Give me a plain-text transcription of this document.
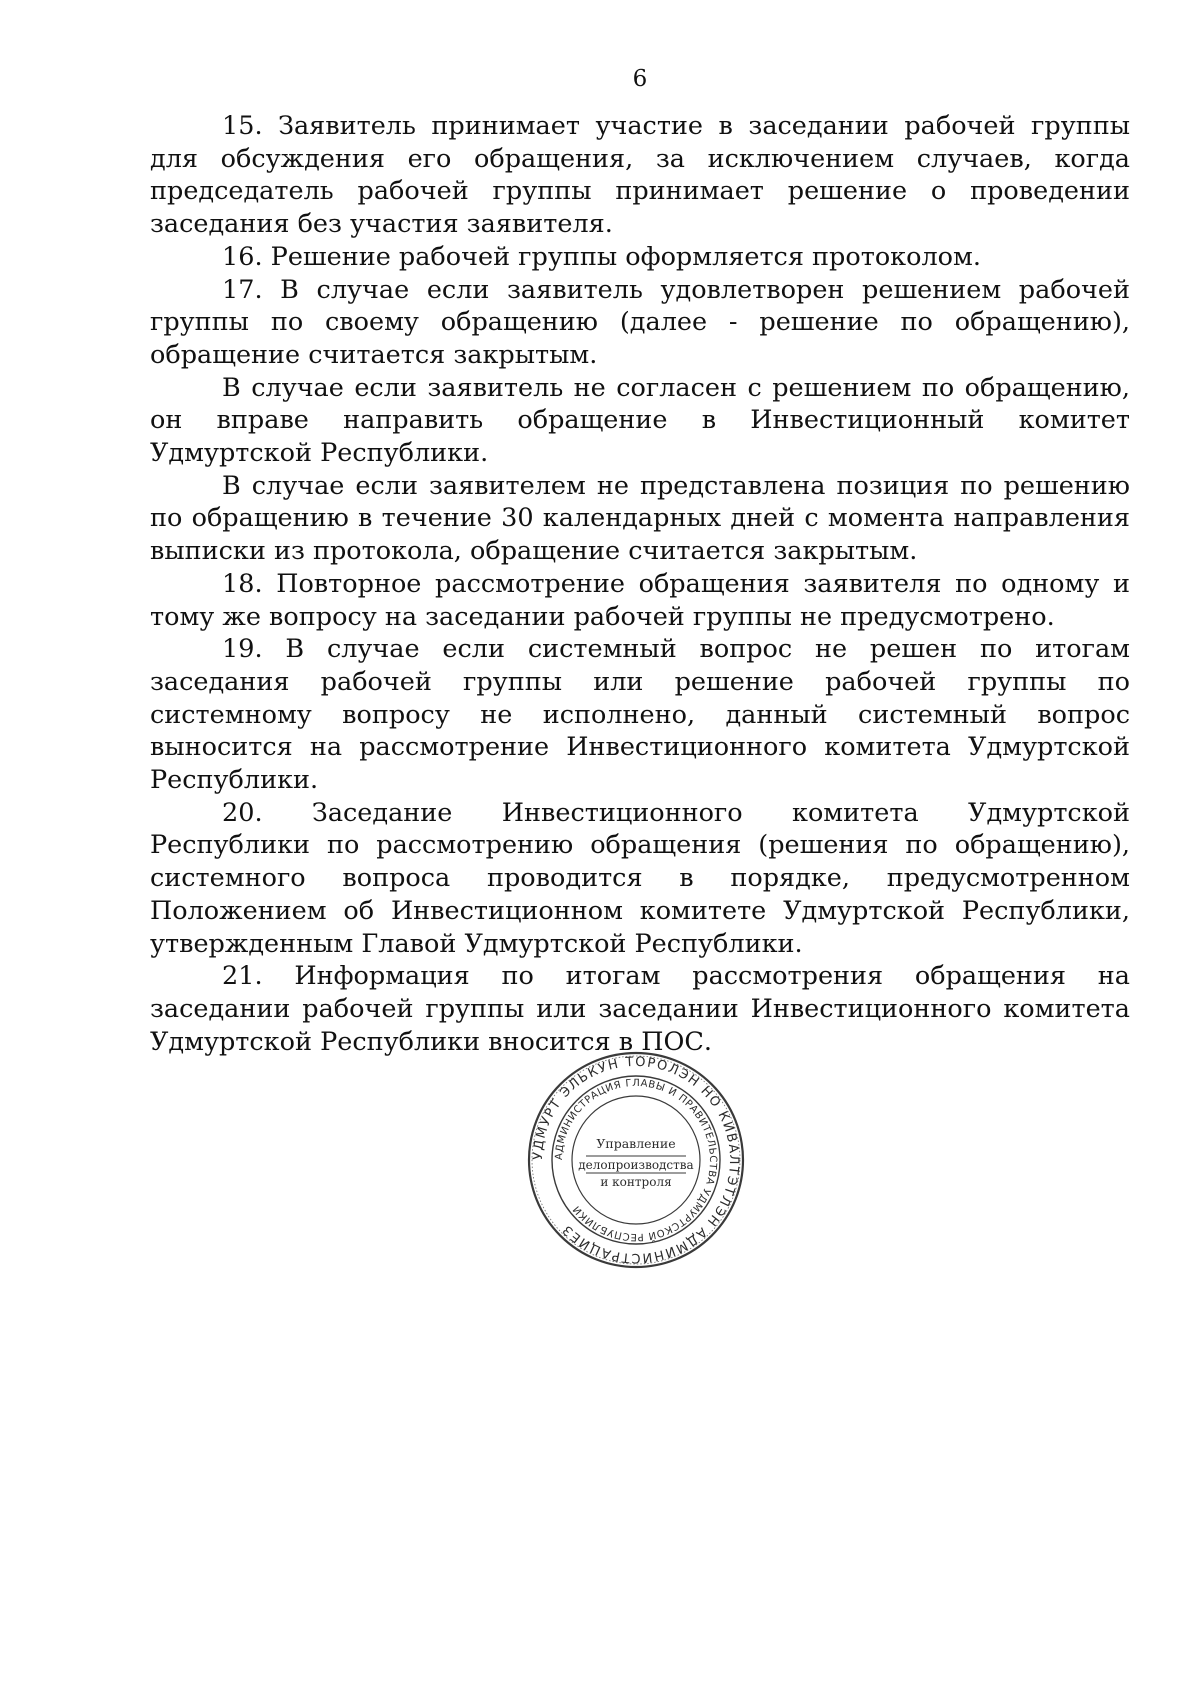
6

15. Заявитель принимает участие в заседании рабочей группы для обсуждения его обращения, за исключением случаев, когда председатель рабочей группы принимает решение о проведении заседания без участия заявителя.

16. Решение рабочей группы оформляется протоколом.

17. В случае если заявитель удовлетворен решением рабочей группы по своему обращению (далее - решение по обращению), обращение считается закрытым.

В случае если заявитель не согласен с решением по обращению, он вправе направить обращение в Инвестиционный комитет Удмуртской Республики.

В случае если заявителем не представлена позиция по решению по обращению в течение 30 календарных дней с момента направления выписки из протокола, обращение считается закрытым.

18. Повторное рассмотрение обращения заявителя по одному и тому же вопросу на заседании рабочей группы не предусмотрено.

19. В случае если системный вопрос не решен по итогам заседания рабочей группы или решение рабочей группы по системному вопросу не исполнено, данный системный вопрос выносится на рассмотрение Инвестиционного комитета Удмуртской Республики.

20. Заседание Инвестиционного комитета Удмуртской Республики по рассмотрению обращения (решения по обращению), системного вопроса проводится в порядке, предусмотренном Положением об Инвестиционном комитете Удмуртской Республики, утвержденным Главой Удмуртской Республики.

21. Информация по итогам рассмотрения обращения на заседании рабочей группы или заседании Инвестиционного комитета Удмуртской Республики вносится в ПОС.

УДМУРТ ЭЛЬКУН ТОРОЛЭН НО КИВАЛТЭТЛЭН АДМИНИСТРАЦИЕЗ
АДМИНИСТРАЦИЯ ГЛАВЫ И ПРАВИТЕЛЬСТВА УДМУРТСКОЙ РЕСПУБЛИКИ
Управление
делопроизводства
и контроля
